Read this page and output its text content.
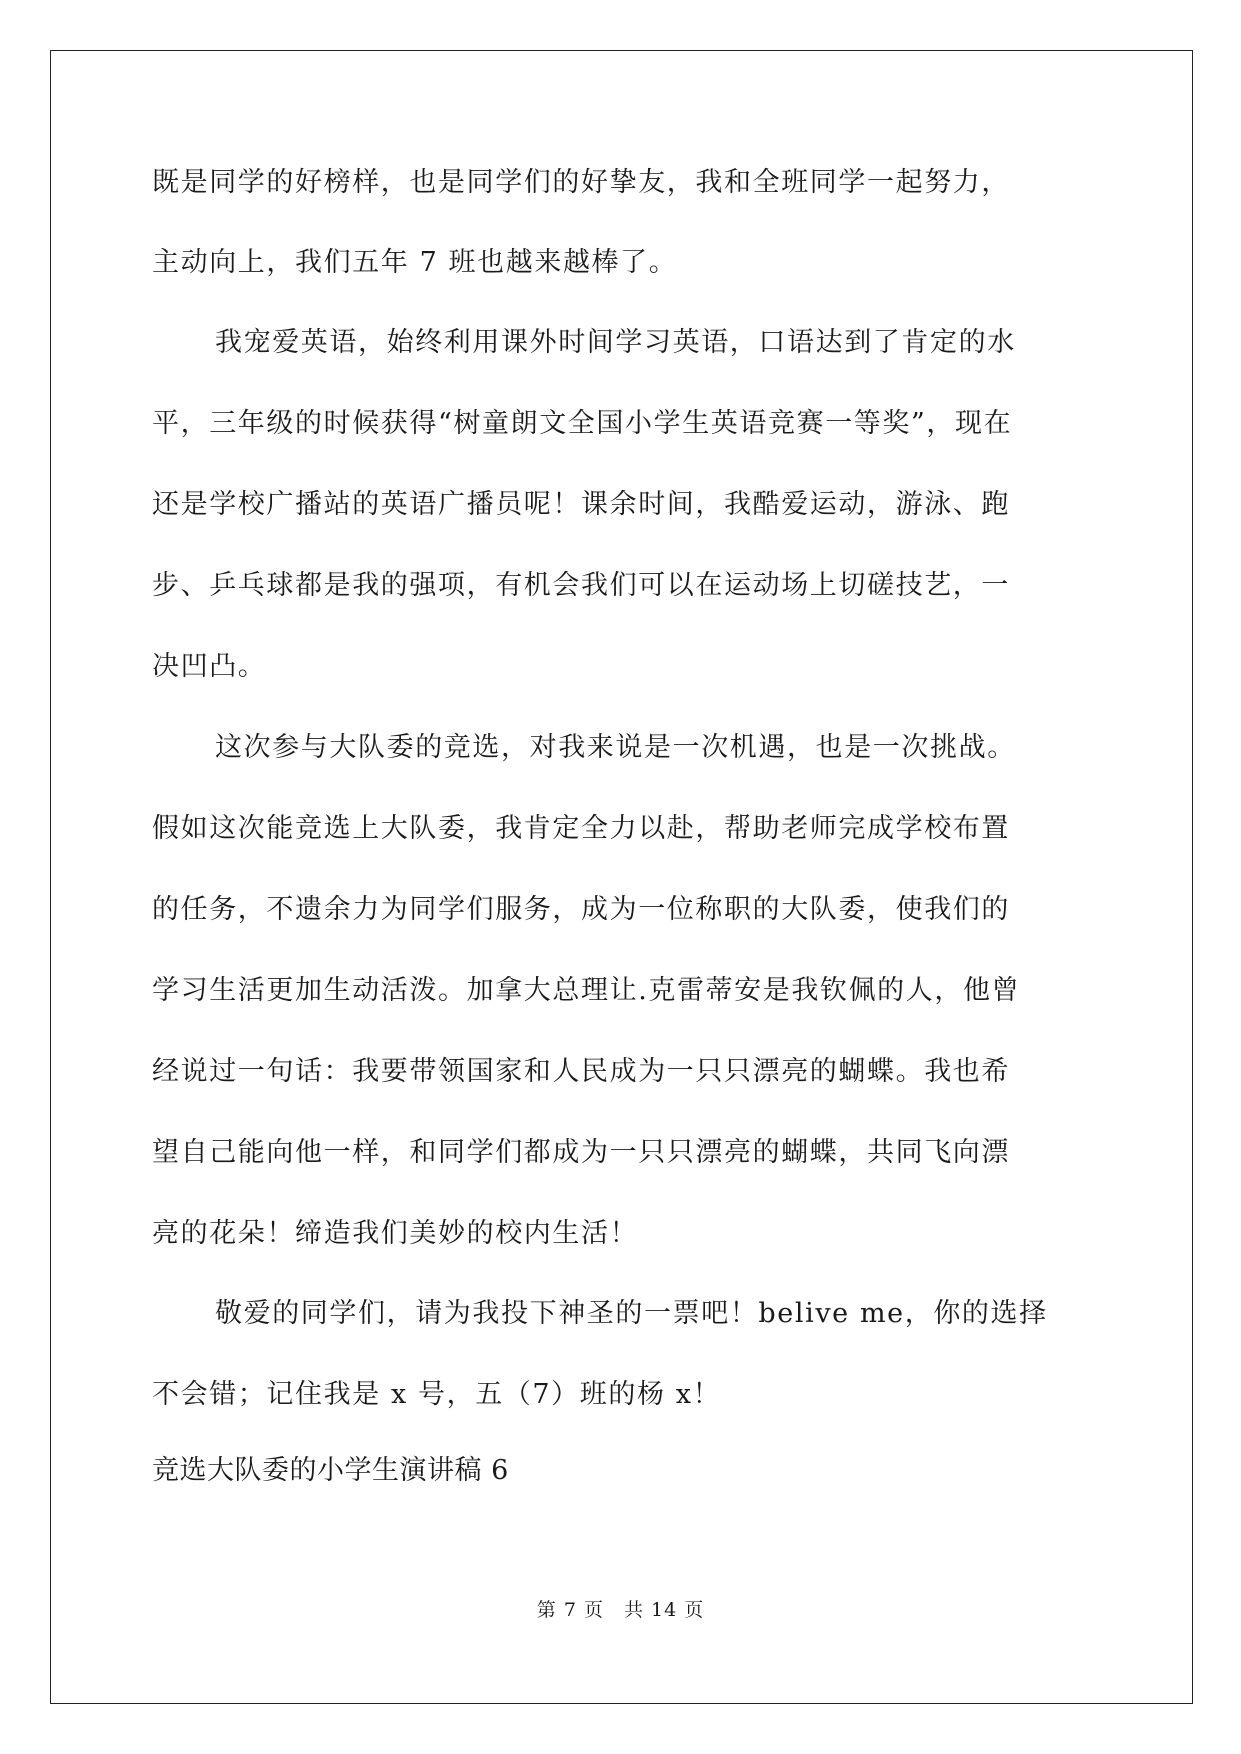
既是同学的好榜样，也是同学们的好挚友，我和全班同学一起努力，
主动向上，我们五年 7 班也越来越棒了。
我宠爱英语，始终利用课外时间学习英语，口语达到了肯定的水
平，三年级的时候获得“树童朗文全国小学生英语竞赛一等奖”，现在
还是学校广播站的英语广播员呢！课余时间，我酷爱运动，游泳、跑
步、乒乓球都是我的强项，有机会我们可以在运动场上切磋技艺，一
决凹凸。
这次参与大队委的竞选，对我来说是一次机遇，也是一次挑战。
假如这次能竞选上大队委，我肯定全力以赴，帮助老师完成学校布置
的任务，不遗余力为同学们服务，成为一位称职的大队委，使我们的
学习生活更加生动活泼。加拿大总理让.克雷蒂安是我钦佩的人，他曾
经说过一句话：我要带领国家和人民成为一只只漂亮的蝴蝶。我也希
望自己能向他一样，和同学们都成为一只只漂亮的蝴蝶，共同飞向漂
亮的花朵！缔造我们美妙的校内生活！
敬爱的同学们，请为我投下神圣的一票吧！belive me，你的选择
不会错；记住我是 x 号，五（7）班的杨 x！
竞选大队委的小学生演讲稿 6
第 7 页　共 14 页
